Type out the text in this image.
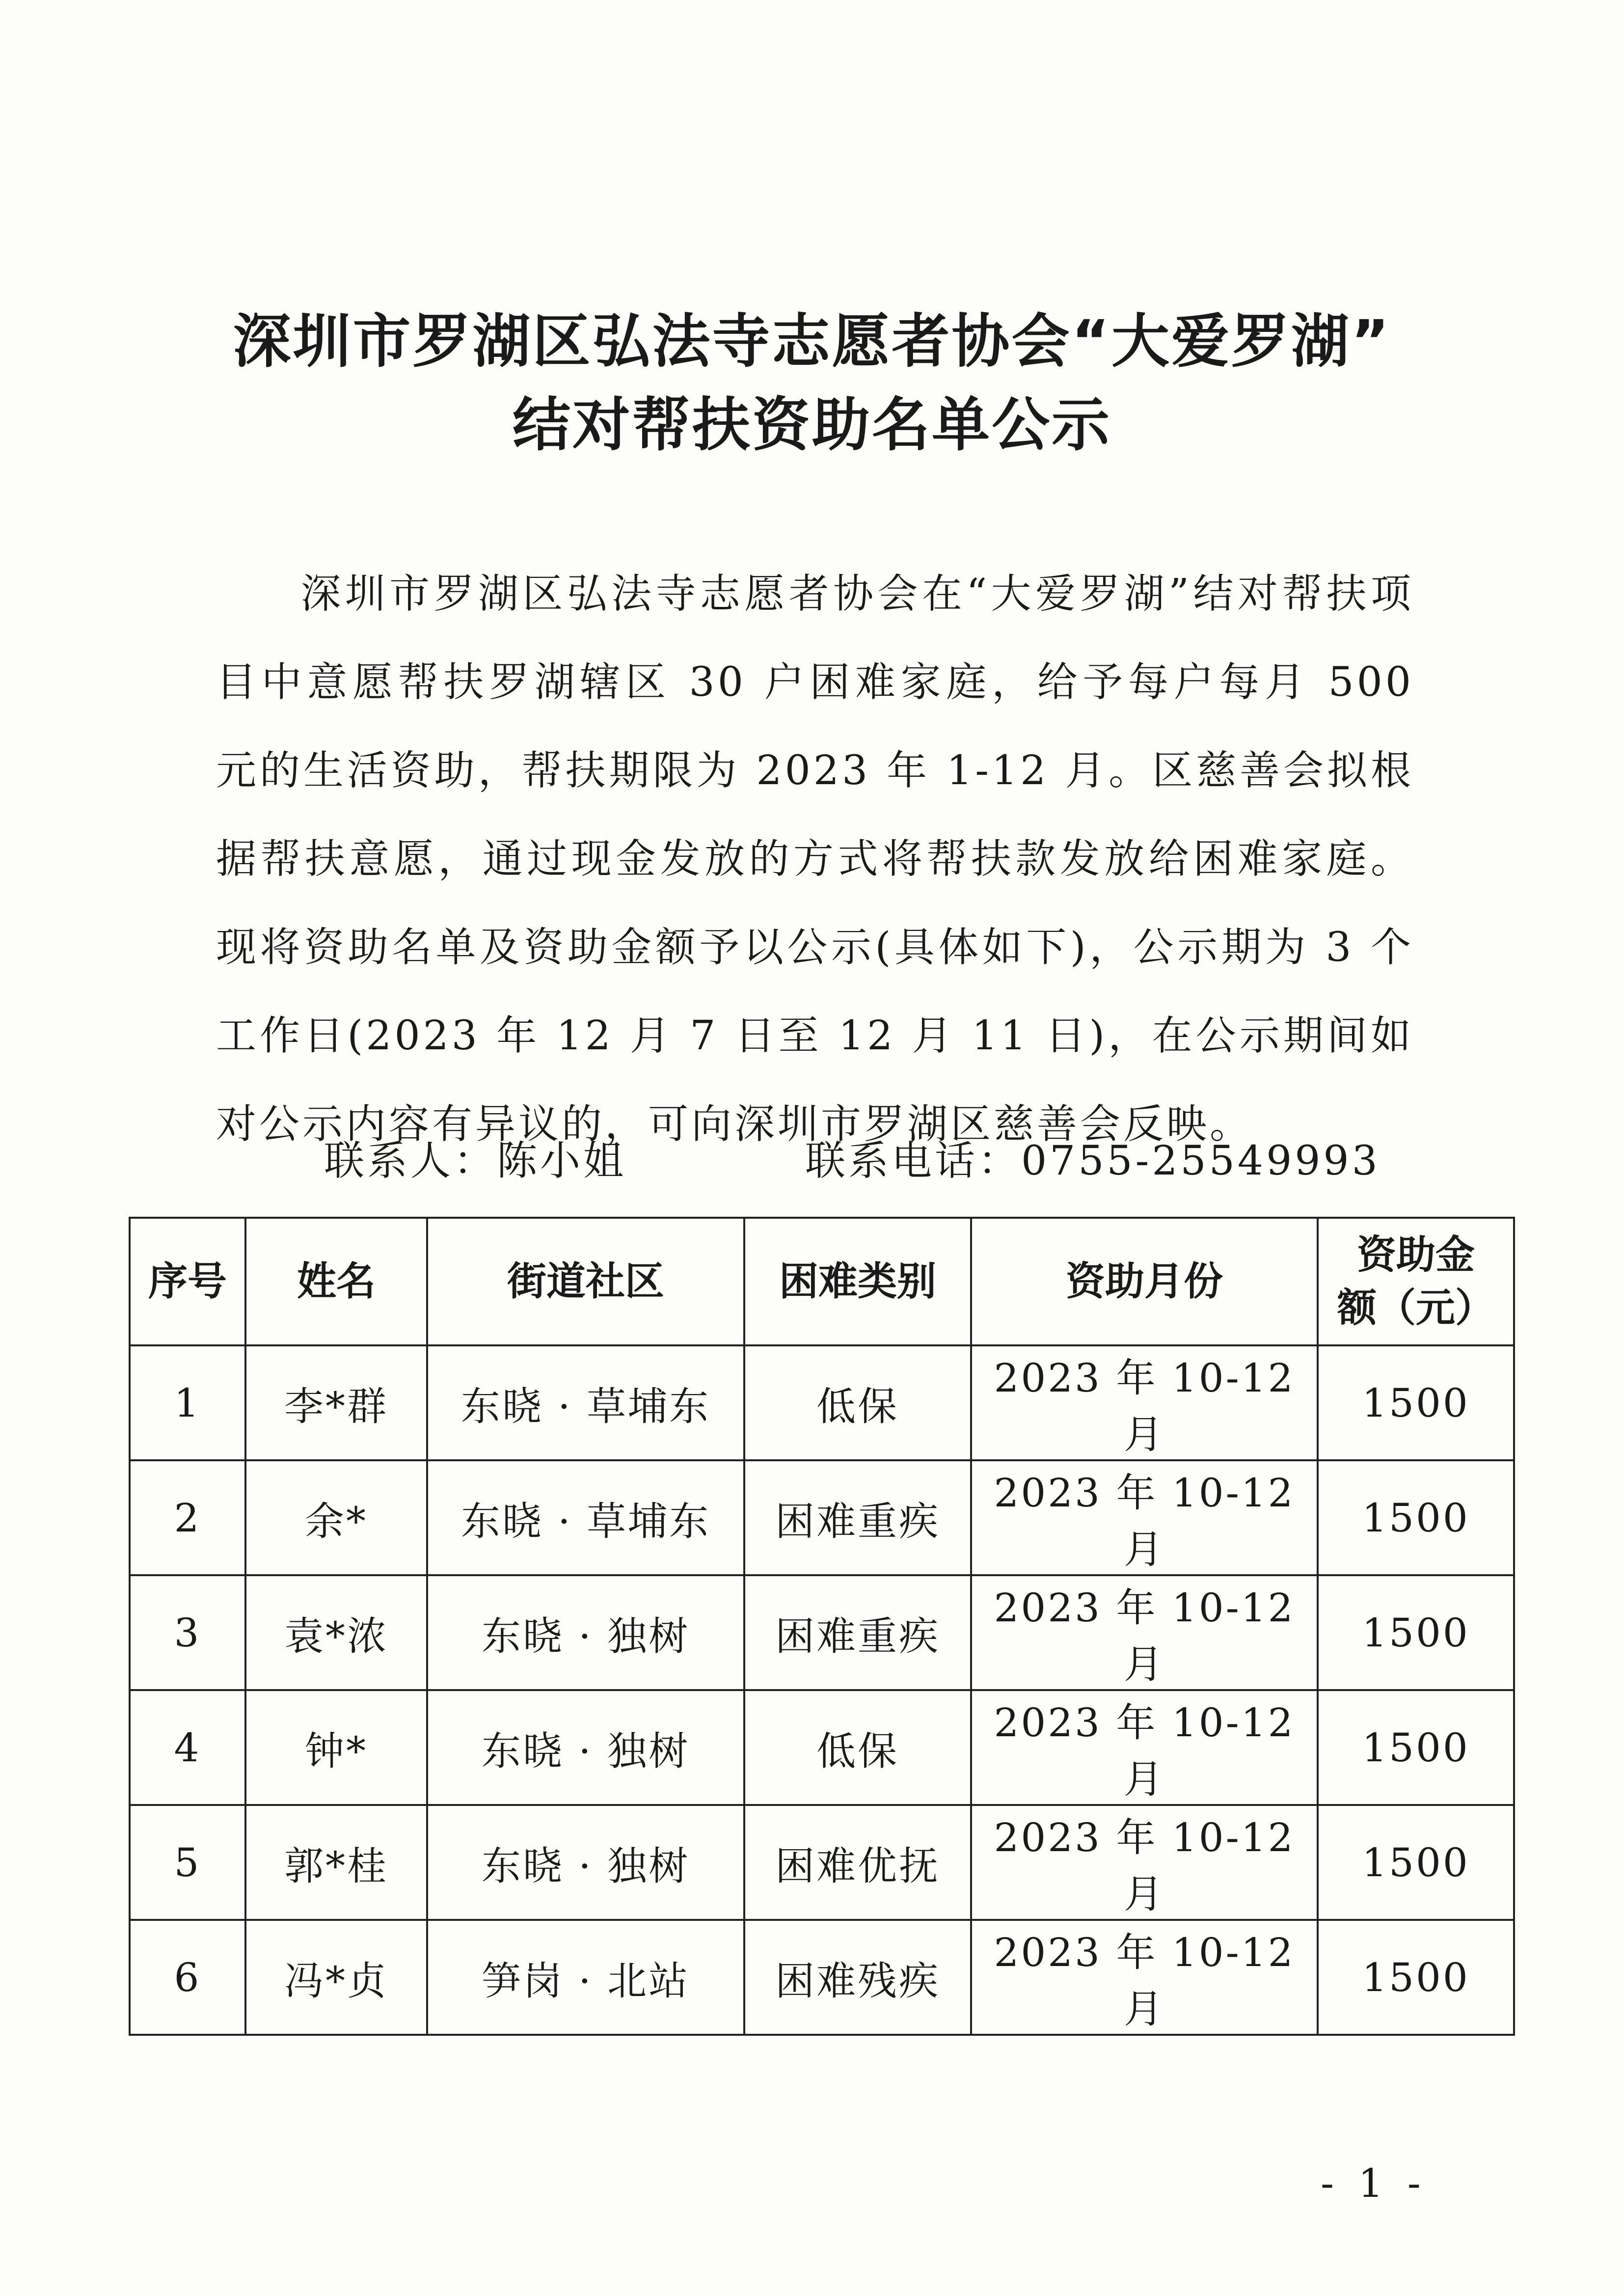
深圳市罗湖区弘法寺志愿者协会“大爱罗湖”
结对帮扶资助名单公示
深圳市罗湖区弘法寺志愿者协会在“大爱罗湖”结对帮扶项目中意愿帮扶罗湖辖区 30 户困难家庭，给予每户每月 500 元的生活资助，帮扶期限为 2023 年 1-12 月。区慈善会拟根据帮扶意愿，通过现金发放的方式将帮扶款发放给困难家庭。现将资助名单及资助金额予以公示(具体如下)，公示期为 3 个工作日(2023 年 12 月 7 日至 12 月 11 日)，在公示期间如对公示内容有异议的，可向深圳市罗湖区慈善会反映。
联系人：陈小姐	联系电话：0755-25549993
序号	姓名	街道社区	困难类别	资助月份	资助金
额（元）
1	李*群	东晓 · 草埔东	低保	2023 年 10-12 月	1500
2	余*	东晓 · 草埔东	困难重疾	2023 年 10-12 月	1500
3	袁*浓	东晓 · 独树	困难重疾	2023 年 10-12 月	1500
4	钟*	东晓 · 独树	低保	2023 年 10-12 月	1500
5	郭*桂	东晓 · 独树	困难优抚	2023 年 10-12 月	1500
6	冯*贞	笋岗 · 北站	困难残疾	2023 年 10-12 月	1500
- 1 -
